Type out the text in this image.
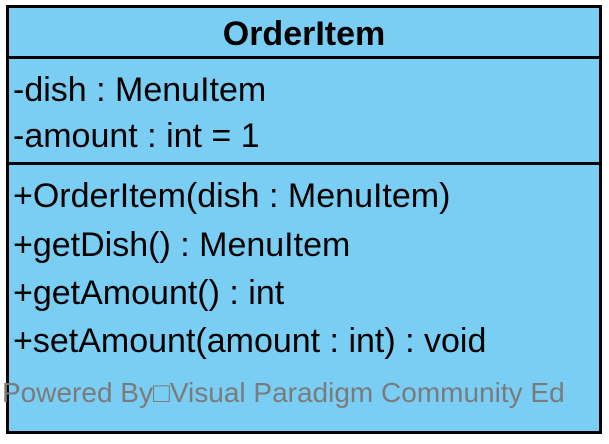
OrderItem
-dish : MenuItem
-amount : int = 1
+OrderItem(dish : MenuItem)
+getDish() : MenuItem
+getAmount() : int
+setAmount(amount : int) : void
Powered By□Visual Paradigm Community Ed
